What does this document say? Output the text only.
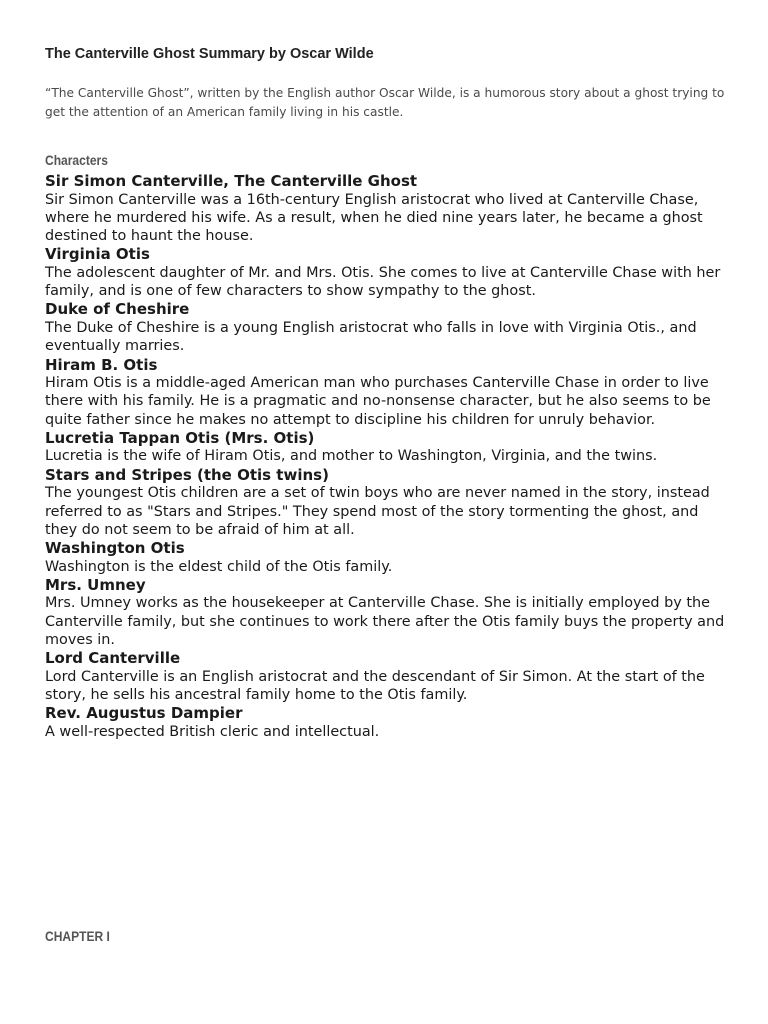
The Canterville Ghost Summary by Oscar Wilde
“The Canterville Ghost”, written by the English author Oscar Wilde, is a humorous story about a ghost trying to get the attention of an American family living in his castle.
Characters

Sir Simon Canterville, The Canterville Ghost

Sir Simon Canterville was a 16th-century English aristocrat who lived at Canterville Chase, where he murdered his wife. As a result, when he died nine years later, he became a ghost destined to haunt the house.

Virginia Otis

The adolescent daughter of Mr. and Mrs. Otis. She comes to live at Canterville Chase with her family, and is one of few characters to show sympathy to the ghost.

Duke of Cheshire

The Duke of Cheshire is a young English aristocrat who falls in love with Virginia Otis., and eventually marries.

Hiram B. Otis

Hiram Otis is a middle-aged American man who purchases Canterville Chase in order to live there with his family. He is a pragmatic and no-nonsense character, but he also seems to be quite father since he makes no attempt to discipline his children for unruly behavior.

Lucretia Tappan Otis (Mrs. Otis)

Lucretia is the wife of Hiram Otis, and mother to Washington, Virginia, and the twins.

Stars and Stripes (the Otis twins)

The youngest Otis children are a set of twin boys who are never named in the story, instead referred to as "Stars and Stripes." They spend most of the story tormenting the ghost, and they do not seem to be afraid of him at all.

Washington Otis

Washington is the eldest child of the Otis family.

Mrs. Umney

Mrs. Umney works as the housekeeper at Canterville Chase. She is initially employed by the Canterville family, but she continues to work there after the Otis family buys the property and moves in.

Lord Canterville

Lord Canterville is an English aristocrat and the descendant of Sir Simon. At the start of the story, he sells his ancestral family home to the Otis family.

Rev. Augustus Dampier

A well-respected British cleric and intellectual.

CHAPTER I
